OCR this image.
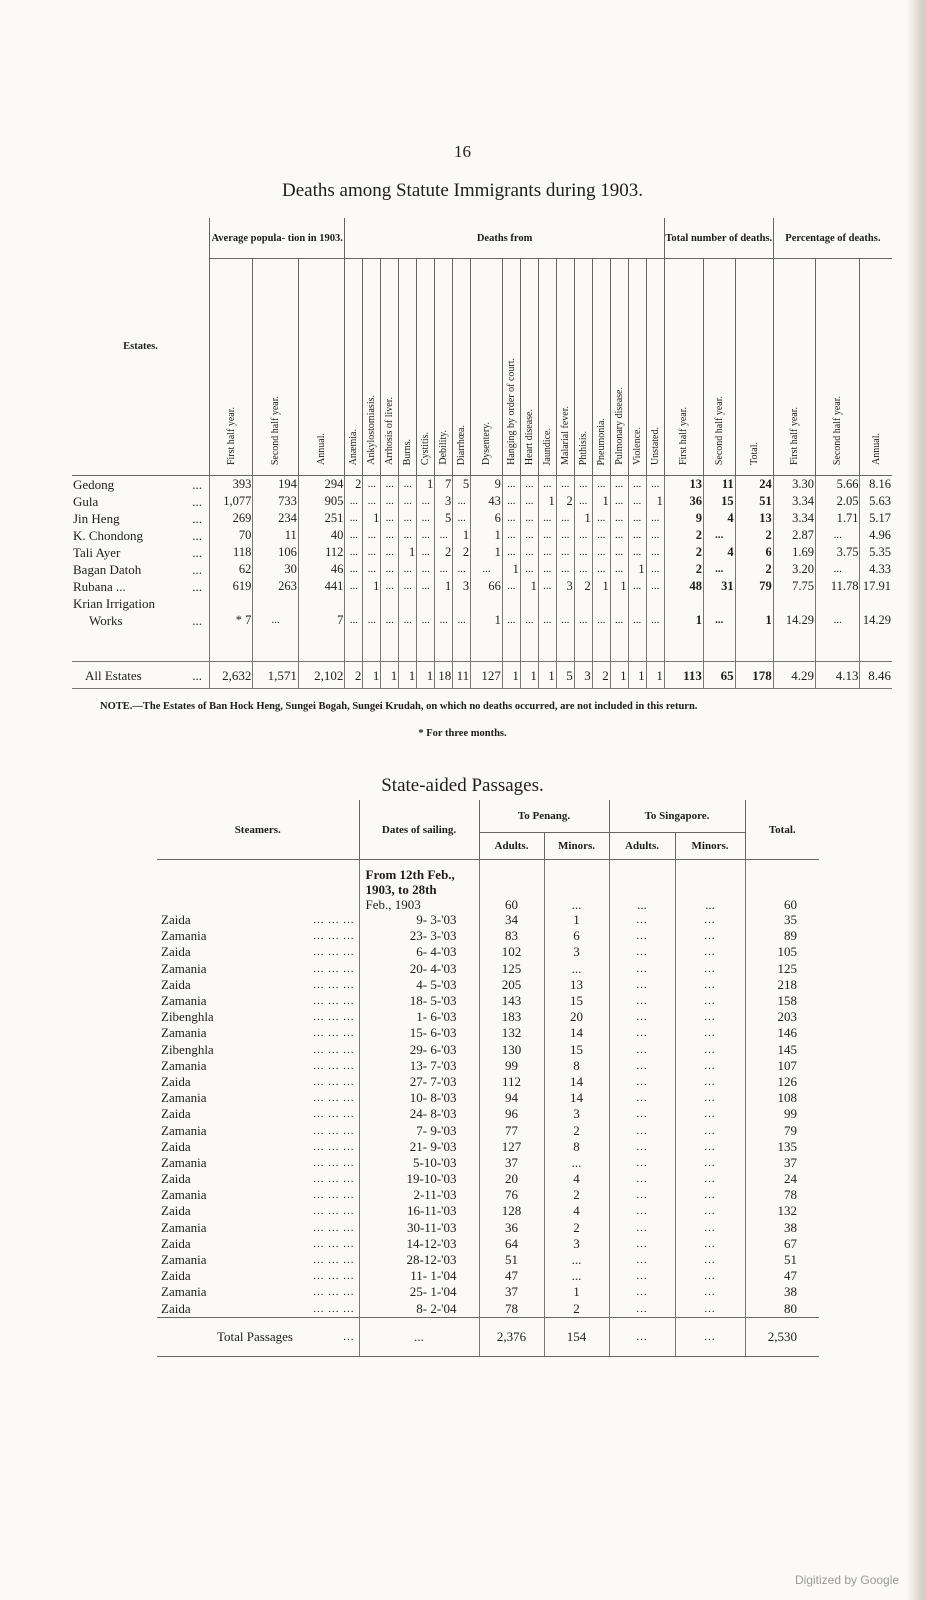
16
Deaths among Statute Immigrants during 1903.
Estates.	Average popula- tion in 1903.			Deaths from																	Total number of deaths.			Percentage of deaths.		
	First half year.	Second half year.	Annual.	Anæmia.	Ankylostomiasis.	Arrhosis of liver.	Burns.	Cystitis.	Debility.	Diarrhœa.	Dysentery.	Hanging by order of court.	Heart disease.	Jaundice.	Malarial fever.	Phthisis.	Pneumonia.	Pulmonary disease.	Violence.	Unstated.	First half year.	Second half year.	Total.	First half year.	Second half year.	Annual.

...
Gedong	393	194	294	2	...	...	...	1	7	5	9	...	...	...	...	...	...	...	...	...	13	11	24	3.30	5.66	8.16

...
Gula	1,077	733	905	...	...	...	...	...	3	...	43	...	...	1	2	...	1	...	...	1	36	15	51	3.34	2.05	5.63

...
Jin Heng	269	234	251	...	1	...	...	...	5	...	6	...	...	...	...	1	...	...	...	...	9	4	13	3.34	1.71	5.17

...
K. Chondong	70	11	40	...	...	...	...	...	...	1	1	...	...	...	...	...	...	...	...	...	2	...	2	2.87	...	4.96

...
Tali Ayer	118	106	112	...	...	...	1	...	2	2	1	...	...	...	...	...	...	...	...	...	2	4	6	1.69	3.75	5.35

...
Bagan Datoh	62	30	46	...	...	...	...	...	...	...	...	1	...	...	...	...	...	...	1	...	2	...	2	3.20	...	4.33

...
Rubana ...	619	263	441	...	1	...	...	...	1	3	66	...	1	...	3	2	1	1	...	...	48	31	79	7.75	11.78	17.91
Krian Irrigation																										

...
Works	* 7	...	7	...	...	...	...	...	...	...	1	...	...	...	...	...	...	...	...	...	1	...	1	14.29	...	14.29

...
All Estates	2,632	1,571	2,102	2	1	1	1	1	18	11	127	1	1	1	5	3	2	1	1	1	113	65	178	4.29	4.13	8.46
NOTE.—The Estates of Ban Hock Heng, Sungei Bogah, Sungei Krudah, on which no deaths occurred, are not included in this return.
* For three months.
State-aided Passages.
Steamers.	Dates of sailing.	To Penang.		To Singapore.		Total.
		Adults.	Minors.	Adults.	Minors.	

	From 12th Feb.,
1903, to 28th
Feb., 1903	60	...	...	...	60

... ... ...
Zaida	9- 3-'03	34	1	...	...	35

... ... ...
Zamania	23- 3-'03	83	6	...	...	89

... ... ...
Zaida	6- 4-'03	102	3	...	...	105

... ... ...
Zamania	20- 4-'03	125	...	...	...	125

... ... ...
Zaida	4- 5-'03	205	13	...	...	218

... ... ...
Zamania	18- 5-'03	143	15	...	...	158

... ... ...
Zibenghla	1- 6-'03	183	20	...	...	203

... ... ...
Zamania	15- 6-'03	132	14	...	...	146

... ... ...
Zibenghla	29- 6-'03	130	15	...	...	145

... ... ...
Zamania	13- 7-'03	99	8	...	...	107

... ... ...
Zaida	27- 7-'03	112	14	...	...	126

... ... ...
Zamania	10- 8-'03	94	14	...	...	108

... ... ...
Zaida	24- 8-'03	96	3	...	...	99

... ... ...
Zamania	7- 9-'03	77	2	...	...	79

... ... ...
Zaida	21- 9-'03	127	8	...	...	135

... ... ...
Zamania	5-10-'03	37	...	...	...	37

... ... ...
Zaida	19-10-'03	20	4	...	...	24

... ... ...
Zamania	2-11-'03	76	2	...	...	78

... ... ...
Zaida	16-11-'03	128	4	...	...	132

... ... ...
Zamania	30-11-'03	36	2	...	...	38

... ... ...
Zaida	14-12-'03	64	3	...	...	67

... ... ...
Zamania	28-12-'03	51	...	...	...	51

... ... ...
Zaida	11- 1-'04	47	...	...	...	47

... ... ...
Zamania	25- 1-'04	37	1	...	...	38

... ... ...
Zaida	8- 2-'04	78	2	...	...	80

...
Total Passages	...	2,376	154	...	...	2,530
Digitized by Google
